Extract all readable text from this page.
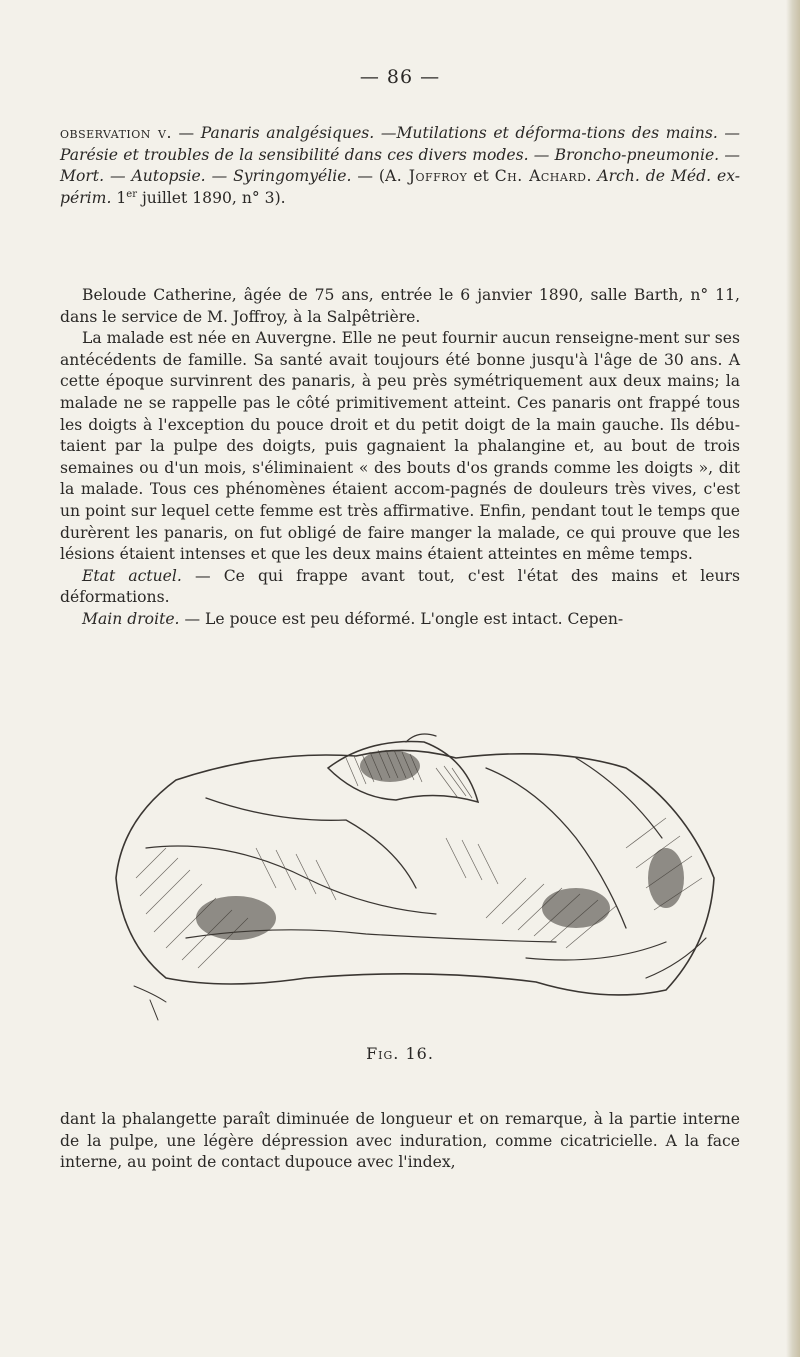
— 86 —

observation v. — Panaris analgésiques. —Mutilations et déforma-tions des mains. — Parésie et troubles de la sensibilité dans ces divers modes. — Broncho-pneumonie. — Mort. — Autopsie. — Syringomyélie. — (A. Joffroy et Ch. Achard. Arch. de Méd. ex-périm. 1er juillet 1890, n° 3).

Beloude Catherine, âgée de 75 ans, entrée le 6 janvier 1890, salle Barth, n° 11, dans le service de M. Joffroy, à la Salpêtrière.

La malade est née en Auvergne. Elle ne peut fournir aucun renseigne-ment sur ses antécédents de famille. Sa santé avait toujours été bonne jusqu'à l'âge de 30 ans. A cette époque survinrent des panaris, à peu près symétriquement aux deux mains; la malade ne se rappelle pas le côté primitivement atteint. Ces panaris ont frappé tous les doigts à l'exception du pouce droit et du petit doigt de la main gauche. Ils débu-taient par la pulpe des doigts, puis gagnaient la phalangine et, au bout de trois semaines ou d'un mois, s'éliminaient « des bouts d'os grands comme les doigts », dit la malade. Tous ces phénomènes étaient accom-pagnés de douleurs très vives, c'est un point sur lequel cette femme est très affirmative. Enfin, pendant tout le temps que durèrent les panaris, on fut obligé de faire manger la malade, ce qui prouve que les lésions étaient intenses et que les deux mains étaient atteintes en même temps.

Etat actuel. — Ce qui frappe avant tout, c'est l'état des mains et leurs déformations.

Main droite. — Le pouce est peu déformé. L'ongle est intact. Cepen-

Fig. 16.

dant la phalangette paraît diminuée de longueur et on remarque, à la partie interne de la pulpe, une légère dépression avec induration, comme cicatricielle. A la face interne, au point de contact dupouce avec l'index,
